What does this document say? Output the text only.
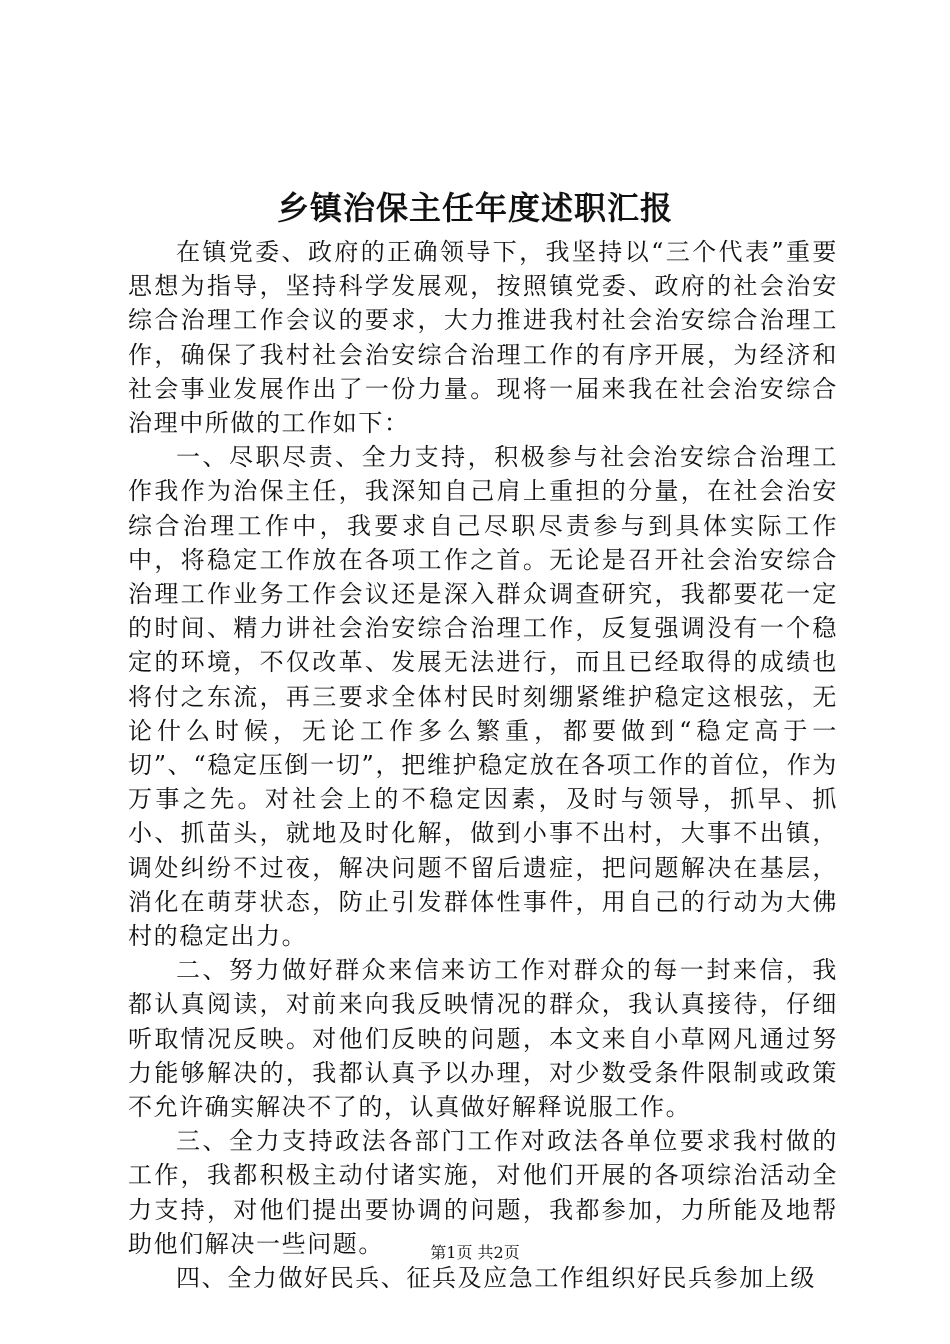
乡镇治保主任年度述职汇报

在镇党委、政府的正确领导下，我坚持以“三个代表”重要思想为指导，坚持科学发展观，按照镇党委、政府的社会治安综合治理工作会议的要求，大力推进我村社会治安综合治理工作，确保了我村社会治安综合治理工作的有序开展，为经济和社会事业发展作出了一份力量。现将一届来我在社会治安综合治理中所做的工作如下：

一、尽职尽责、全力支持，积极参与社会治安综合治理工作我作为治保主任，我深知自己肩上重担的分量，在社会治安综合治理工作中，我要求自己尽职尽责参与到具体实际工作中，将稳定工作放在各项工作之首。无论是召开社会治安综合治理工作业务工作会议还是深入群众调查研究，我都要花一定的时间、精力讲社会治安综合治理工作，反复强调没有一个稳定的环境，不仅改革、发展无法进行，而且已经取得的成绩也将付之东流，再三要求全体村民时刻绷紧维护稳定这根弦，无论什么时候，无论工作多么繁重，都要做到“稳定高于一切”、“稳定压倒一切”，把维护稳定放在各项工作的首位，作为万事之先。对社会上的不稳定因素，及时与领导，抓早、抓小、抓苗头，就地及时化解，做到小事不出村，大事不出镇，调处纠纷不过夜，解决问题不留后遗症，把问题解决在基层，消化在萌芽状态，防止引发群体性事件，用自己的行动为大佛村的稳定出力。

二、努力做好群众来信来访工作对群众的每一封来信，我都认真阅读，对前来向我反映情况的群众，我认真接待，仔细听取情况反映。对他们反映的问题，本文来自小草网凡通过努力能够解决的，我都认真予以办理，对少数受条件限制或政策不允许确实解决不了的，认真做好解释说服工作。

三、全力支持政法各部门工作对政法各单位要求我村做的工作，我都积极主动付诸实施，对他们开展的各项综治活动全力支持，对他们提出要协调的问题，我都参加，力所能及地帮助他们解决一些问题。

四、全力做好民兵、征兵及应急工作组织好民兵参加上级

第1页 共2页
